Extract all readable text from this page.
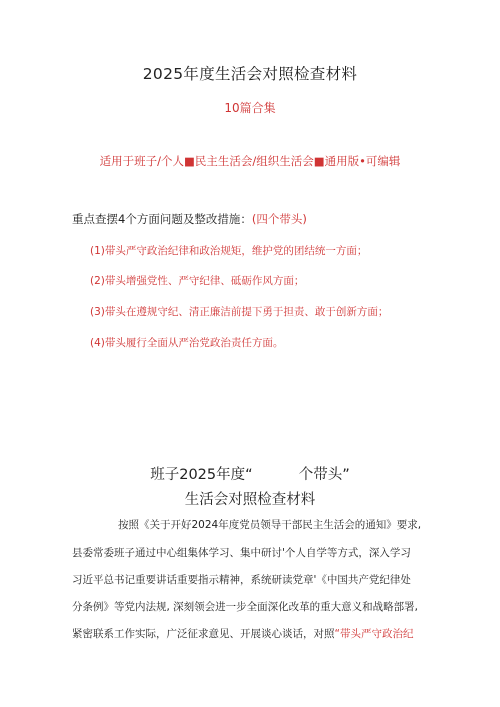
2025年度生活会对照检查材料
10篇合集
适用于班子/个人■民主生活会/组织生活会■通用版•可编辑
重点查摆4个方面问题及整改措施：(四个带头)
(1)带头严守政治纪律和政治规矩，维护党的团结统一方面；
(2)带头增强党性、严守纪律、砥砺作风方面；
(3)带头在遵规守纪、清正廉洁前提下勇于担责、敢于创新方面；
(4)带头履行全面从严治党政治责任方面。
班子2025年度“          个带头”
生活会对照检查材料
按照《关于开好2024年度党员领导干部民主生活会的通知》要求,
县委常委班子通过中心组集体学习、集中研讨'个人自学等方式，深入学习
习近平总书记重要讲话重要指示精神，系统研读党章'《中国共产党纪律处
分条例》等党内法规, 深刻领会进一步全面深化改革的重大意义和战略部署,
紧密联系工作实际，广泛征求意见、开展谈心谈话，对照“带头严守政治纪
